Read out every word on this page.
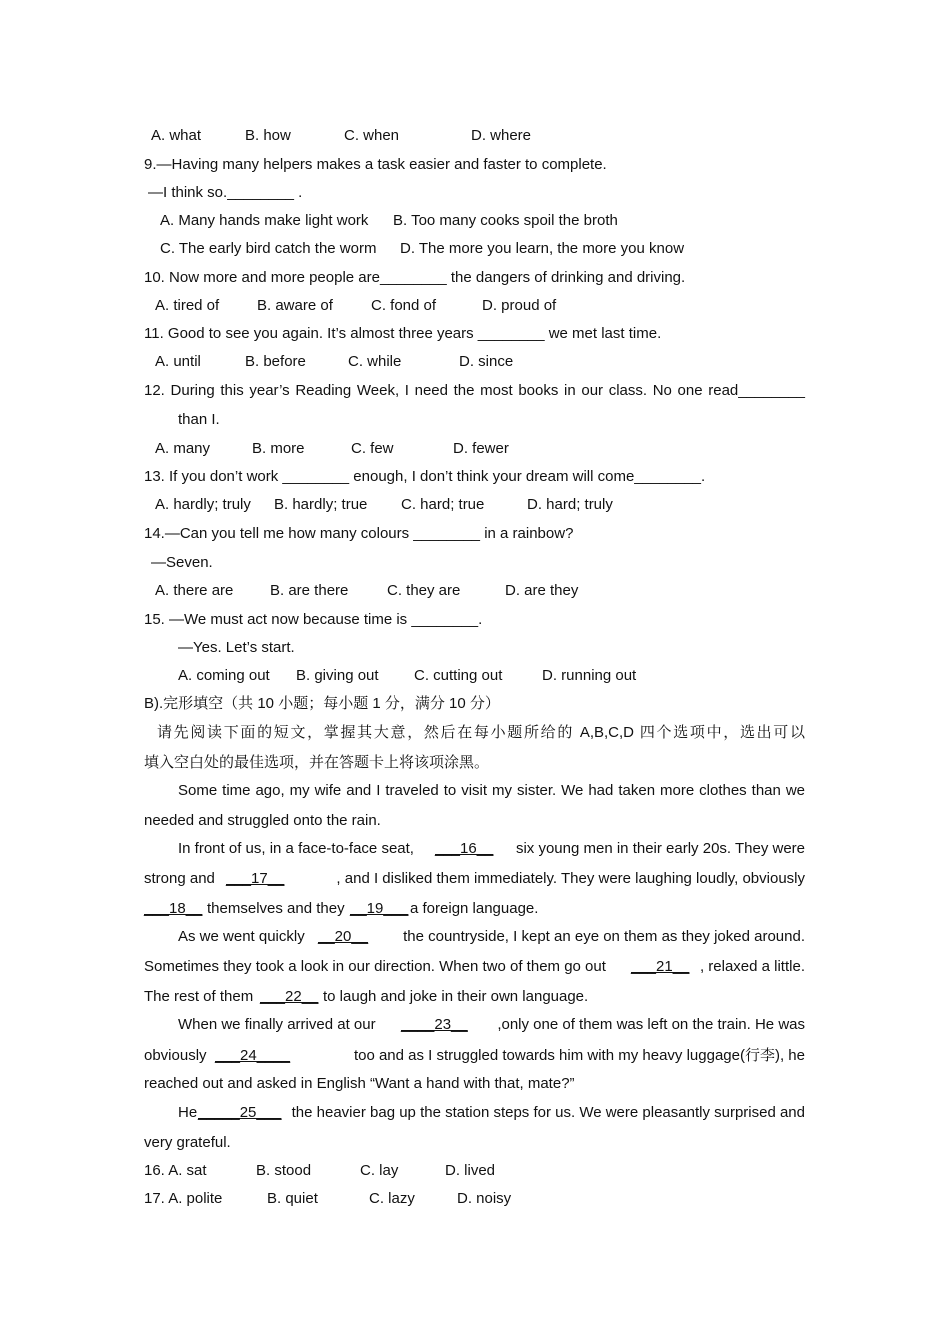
A. what	B. how	C. when	D. where
9.—Having many helpers makes a task easier and faster to complete.
—I think so.________ .
A. Many hands make light work B. Too many cooks spoil the broth
C. The early bird catch the worm D. The more you learn, the more you know
10. Now more and more people are________ the dangers of drinking and driving.
A. tired of	B. aware of	C. fond of	D. proud of
11. Good to see you again. It’s almost three years ________ we met last time.
A. until	B. before	C. while	D. since
12. During this year’s Reading Week, I need the most books in our class. No one read________
than I.
A. many	B. more	C. few	D. fewer
13. If you don’t work ________ enough, I don’t think your dream will come________.
A. hardly; truly B. hardly; true C. hard; true	D. hard; truly
14.—Can you tell me how many colours ________ in a rainbow?
—Seven.
A. there are B. are there	C. they are	D. are they
15. —We must act now because time is ________.
—Yes. Let’s start.
A. coming out B. giving out C. cutting out	D. running out
B).完形填空（共 10 小题；每小题 1 分，满分 10 分）
请先阅读下面的短文，掌握其大意，然后在每小题所给的 A,B,C,D 四个选项中，选出可以
填入空白处的最佳选项，并在答题卡上将该项涂黑。
Some time ago, my wife and I traveled to visit my sister. We had taken more clothes than we
needed and struggled onto the rain.
In front of us, in a face-to-face seat, ___16__	six young men in their early 20s. They were
strong and ___17__	, and I disliked them immediately. They were laughing loudly, obviously
___18__ themselves and they __19___ a foreign language.
As we went quickly __20__	the countryside, I kept an eye on them as they joked around.
Sometimes they took a look in our direction. When two of them go out ___21__ , relaxed a little.
The rest of them ___22__ to laugh and joke in their own language.
When we finally arrived at our ____23__	,only one of them was left on the train. He was
obviously ___24____	too and as I struggled towards him with my heavy luggage(行李), he
reached out and asked in English “Want a hand with that, mate?”
He _____25___ the heavier bag up the station steps for us. We were pleasantly surprised and
very grateful.
16. A. sat	B. stood	C. lay	D. lived
17. A. polite	B. quiet	C. lazy	D. noisy
